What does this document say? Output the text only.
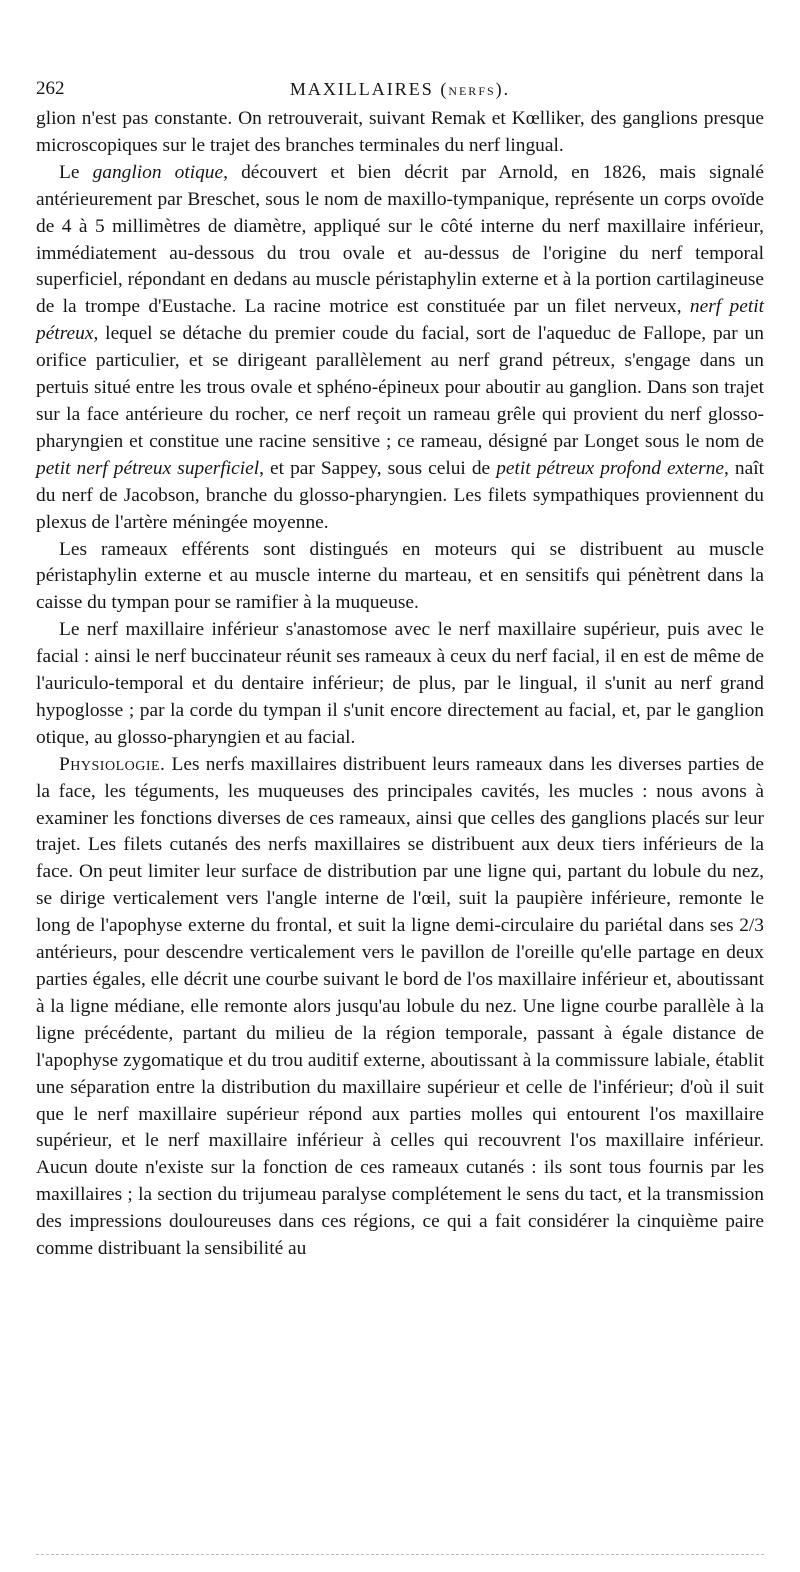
262	MAXILLAIRES (NERFS).

glion n'est pas constante. On retrouverait, suivant Remak et Kœlliker, des ganglions presque microscopiques sur le trajet des branches terminales du nerf lingual.

Le ganglion otique, découvert et bien décrit par Arnold, en 1826, mais signalé antérieurement par Breschet, sous le nom de maxillo-tympanique, représente un corps ovoïde de 4 à 5 millimètres de diamètre, appliqué sur le côté interne du nerf maxillaire inférieur, immédiatement au-dessous du trou ovale et au-dessus de l'origine du nerf temporal superficiel, répondant en dedans au muscle péristaphylin externe et à la portion cartilagineuse de la trompe d'Eustache. La racine motrice est constituée par un filet nerveux, nerf petit pétreux, lequel se détache du premier coude du facial, sort de l'aqueduc de Fallope, par un orifice particulier, et se dirigeant parallèlement au nerf grand pétreux, s'engage dans un pertuis situé entre les trous ovale et sphéno-épineux pour aboutir au ganglion. Dans son trajet sur la face antérieure du rocher, ce nerf reçoit un rameau grêle qui provient du nerf glosso-pharyngien et constitue une racine sensitive ; ce rameau, désigné par Longet sous le nom de petit nerf pétreux superficiel, et par Sappey, sous celui de petit pétreux profond externe, naît du nerf de Jacobson, branche du glosso-pharyngien. Les filets sympathiques proviennent du plexus de l'artère méningée moyenne.

Les rameaux efférents sont distingués en moteurs qui se distribuent au muscle péristaphylin externe et au muscle interne du marteau, et en sensitifs qui pénètrent dans la caisse du tympan pour se ramifier à la muqueuse.

Le nerf maxillaire inférieur s'anastomose avec le nerf maxillaire supérieur, puis avec le facial : ainsi le nerf buccinateur réunit ses rameaux à ceux du nerf facial, il en est de même de l'auriculo-temporal et du dentaire inférieur; de plus, par le lingual, il s'unit au nerf grand hypoglosse ; par la corde du tympan il s'unit encore directement au facial, et, par le ganglion otique, au glosso-pharyngien et au facial.

Physiologie. Les nerfs maxillaires distribuent leurs rameaux dans les diverses parties de la face, les téguments, les muqueuses des principales cavités, les mucles : nous avons à examiner les fonctions diverses de ces rameaux, ainsi que celles des ganglions placés sur leur trajet. Les filets cutanés des nerfs maxillaires se distribuent aux deux tiers inférieurs de la face. On peut limiter leur surface de distribution par une ligne qui, partant du lobule du nez, se dirige verticalement vers l'angle interne de l'œil, suit la paupière inférieure, remonte le long de l'apophyse externe du frontal, et suit la ligne demi-circulaire du pariétal dans ses 2/3 antérieurs, pour descendre verticalement vers le pavillon de l'oreille qu'elle partage en deux parties égales, elle décrit une courbe suivant le bord de l'os maxillaire inférieur et, aboutissant à la ligne médiane, elle remonte alors jusqu'au lobule du nez. Une ligne courbe parallèle à la ligne précédente, partant du milieu de la région temporale, passant à égale distance de l'apophyse zygomatique et du trou auditif externe, aboutissant à la commissure labiale, établit une séparation entre la distribution du maxillaire supérieur et celle de l'inférieur; d'où il suit que le nerf maxillaire supérieur répond aux parties molles qui entourent l'os maxillaire supérieur, et le nerf maxillaire inférieur à celles qui recouvrent l'os maxillaire inférieur. Aucun doute n'existe sur la fonction de ces rameaux cutanés : ils sont tous fournis par les maxillaires ; la section du trijumeau paralyse complétement le sens du tact, et la transmission des impressions douloureuses dans ces régions, ce qui a fait considérer la cinquième paire comme distribuant la sensibilité au
